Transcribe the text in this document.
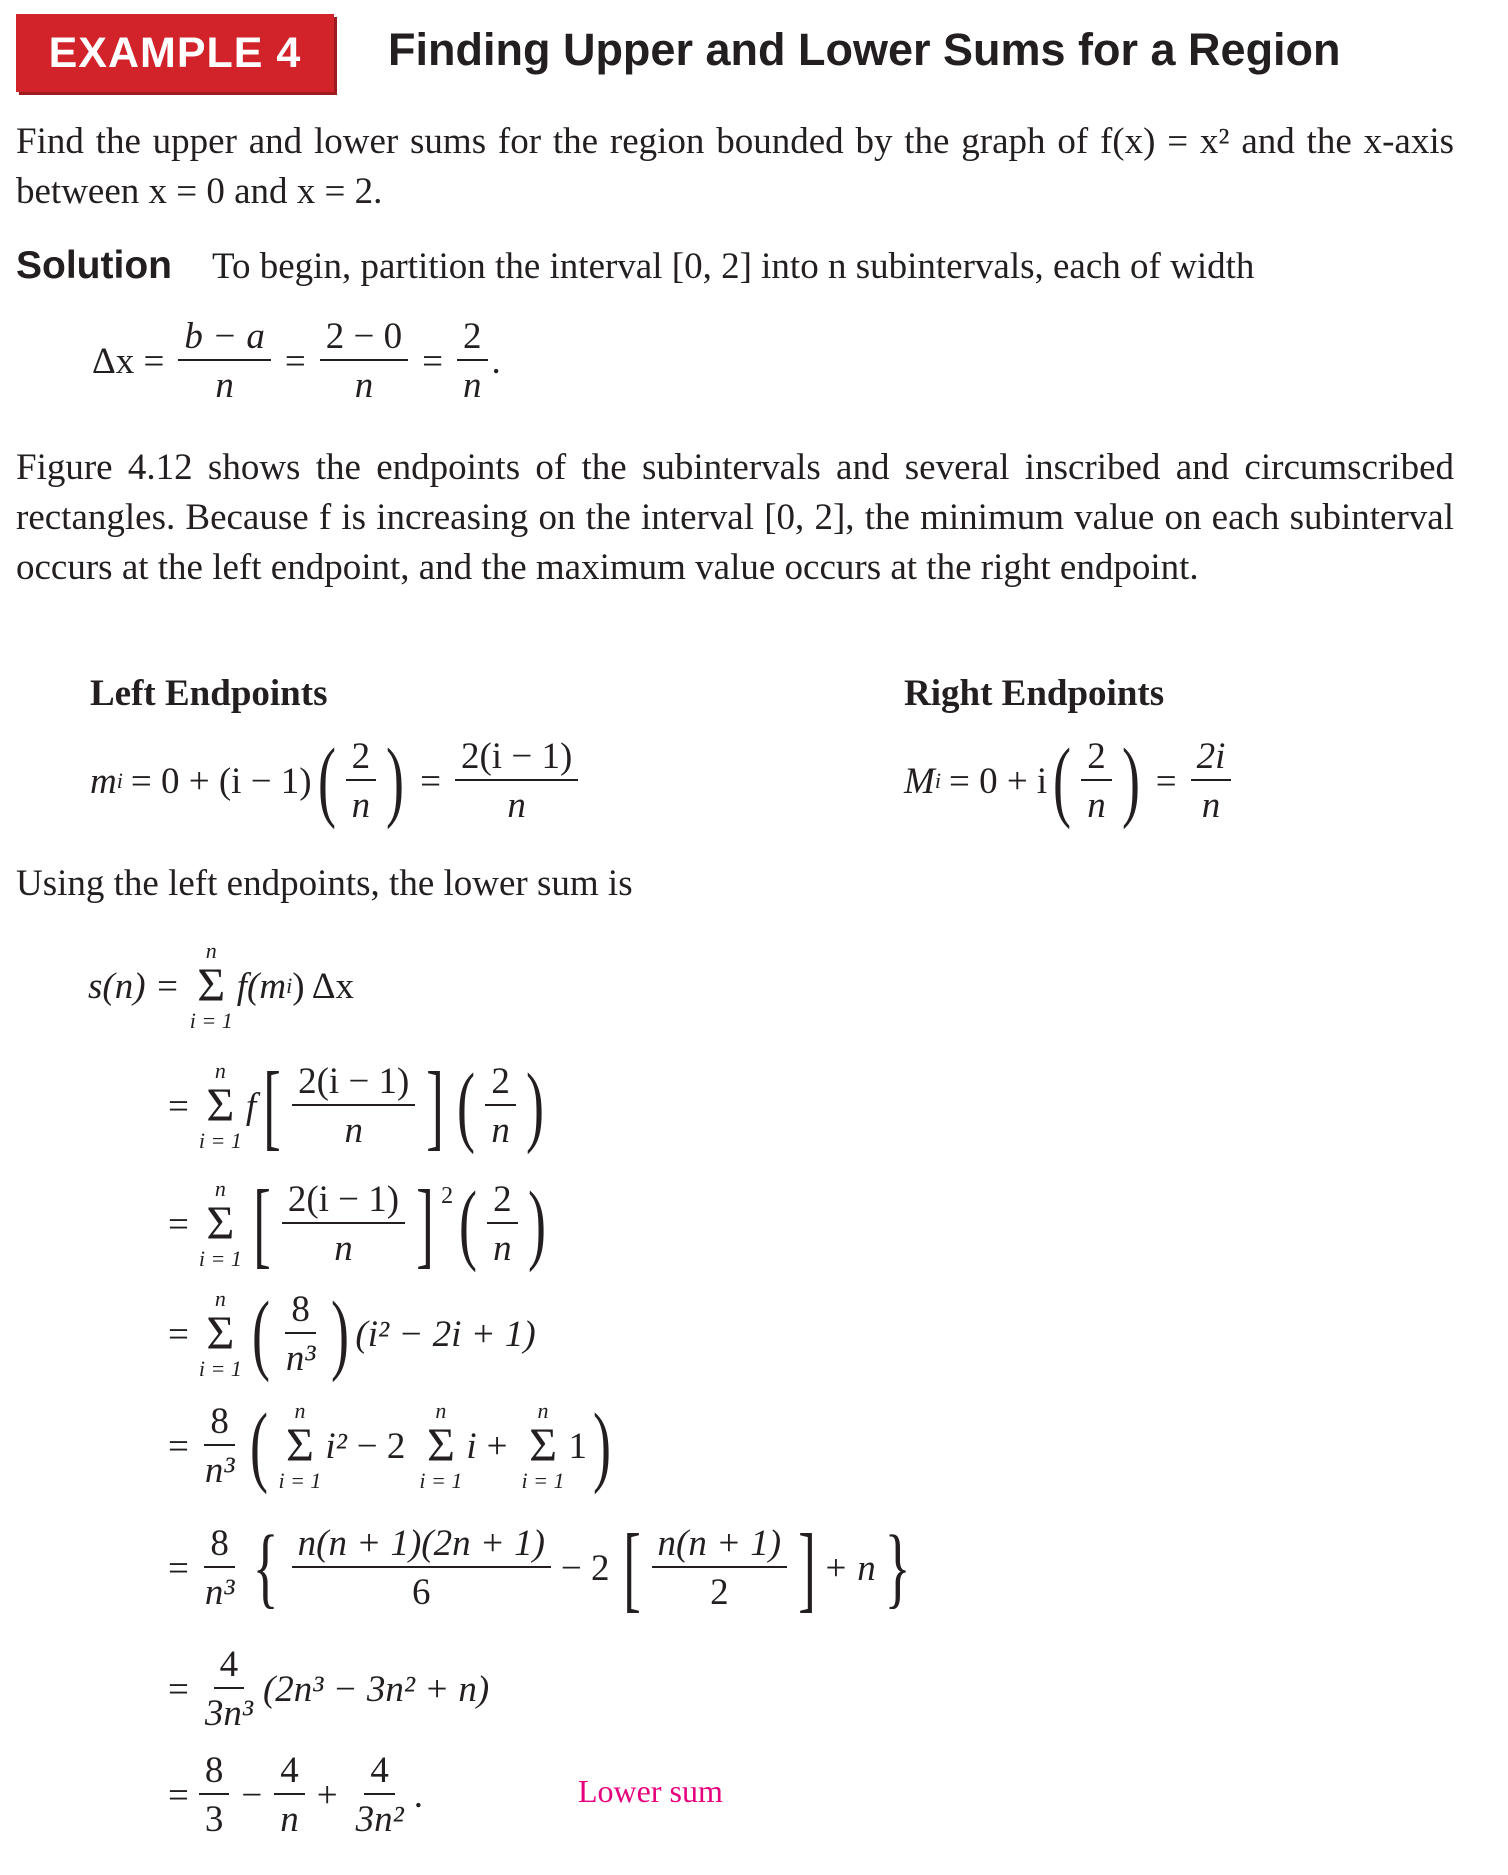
EXAMPLE 4 Finding Upper and Lower Sums for a Region
Find the upper and lower sums for the region bounded by the graph of f(x) = x² and the x-axis between x = 0 and x = 2.
Solution To begin, partition the interval [0, 2] into n subintervals, each of width
$\Delta x = \frac{b - a}{n} = \frac{2 - 0}{n} = \frac{2}{n}$ .
Figure 4.12 shows the endpoints of the subintervals and several inscribed and circumscribed rectangles. Because f is increasing on the interval [0, 2], the minimum value on each subinterval occurs at the left endpoint, and the maximum value occurs at the right endpoint.
Left Endpoints	Right Endpoints
m i = 0 + (i − 1) ( $\frac{2}{n}$ ) = $\frac{2(i - 1)}{n}$	M i = 0 + i ( $\frac{2}{n}$ ) = $\frac{2i}{n}$
Using the left endpoints, the lower sum is
s(n) =
n
Σ
i = 1
f(m i ) Δx
=
n
Σ
i = 1
f [ $\frac{2(i - 1)}{n}$ ] ( $\frac{2}{n}$ )
=
n
Σ
i = 1 [ $\frac{2(i - 1)}{n}$ ] $^2$ ( $\frac{2}{n}$ )
=
n
Σ
i = 1 ( $\frac{8}{\text{n³}}$ ) (i² − 2i + 1)
= $\frac{8}{\text{n³}}$ ( n
Σ
i = 1
i² − 2
n
Σ
i = 1
i +
n
Σ
i = 1
1 )
= $\frac{8}{\text{n³}}$ { $\frac{n(n + 1)(2n + 1)}{6} - 2$ [ $\frac{n(n + 1)}{2}$ ] + n }
= $\frac{4}{\text{3n³}} (2n^3 - 3n^2 + n)$
= $\frac{8}{3} - \frac{4}{n} + \frac{4}{\text{3n²}}$ .	Lower sum
